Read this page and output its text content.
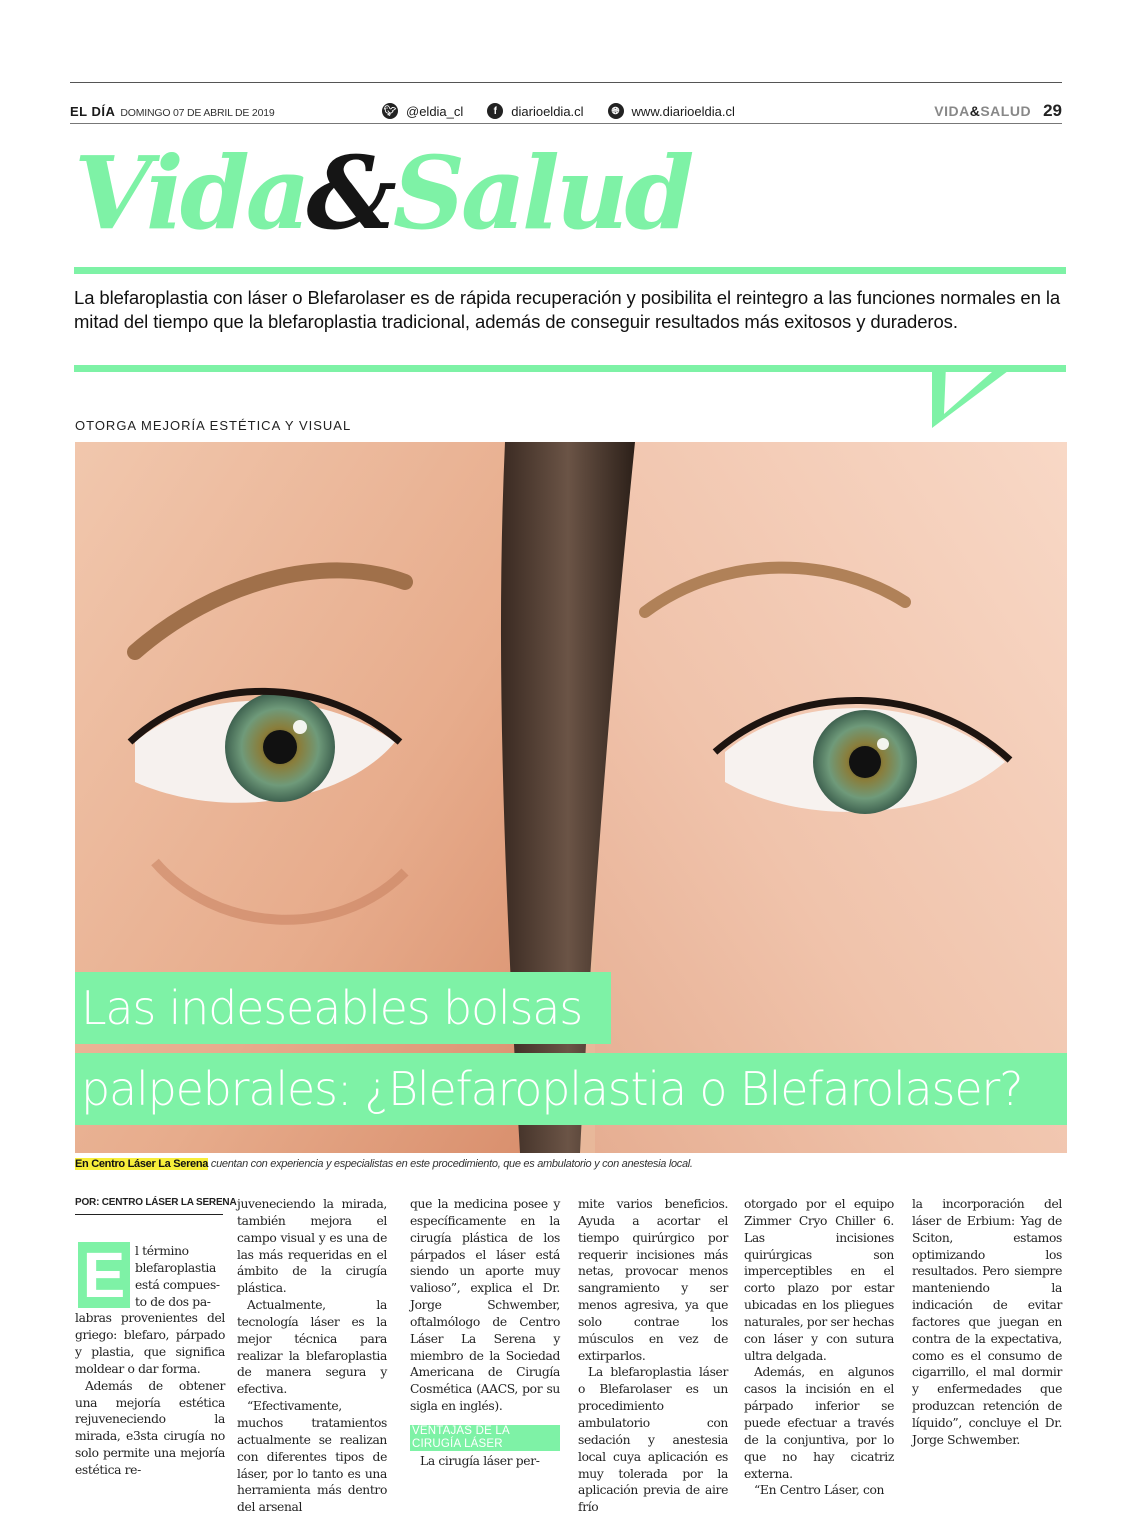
EL DÍA DOMINGO 07 DE ABRIL DE 2019	🐦︎ @eldia_cl	f	diarioeldia.cl	🌐︎ www.diarioeldia.cl	VIDA&SALUD 29
Vida&Salud

La blefaroplastia con láser o Blefarolaser es de rápida recuperación y posibilita el reintegro a las funciones normales en la mitad del tiempo que la blefaroplastia tradicional, además de conseguir resultados más exitosos y duraderos.

OTORGA MEJORÍA ESTÉTICA Y VISUAL
Las indeseables bolsas
palpebrales: ¿Blefaroplastia o Blefarolaser?
En Centro Láser La Serena cuentan con experiencia y especialistas en este procedimiento, que es ambulatorio y con anestesia local.
POR: CENTRO LÁSER LA SERENA
E l término
blefaroplastia
está compues-
to de dos pa-

labras provenientes del griego: blefaro, párpado y plastia, que significa moldear o dar forma.

Además de obtener una mejoría estética rejuveneciendo la mirada, e3sta cirugía no solo permite una mejoría estética re-

juveneciendo la mirada, también mejora el campo visual y es una de las más requeridas en el ámbito de la cirugía plástica.

Actualmente, la tecnología láser es la mejor técnica para realizar la blefaroplastia de manera segura y efectiva.

“Efectivamente, muchos tratamientos actualmente se realizan con diferentes tipos de láser, por lo tanto es una herramienta más dentro del arsenal

que la medicina posee y específicamente en la cirugía plástica de los párpados el láser está siendo un aporte muy valioso”, explica el Dr. Jorge Schwember, oftalmólogo de Centro Láser La Serena y miembro de la Sociedad Americana de Cirugía Cosmética (AACS, por su sigla en inglés).

VENTAJAS DE LA CIRUGÍA LÁSER

La cirugía láser per-

mite varios beneficios. Ayuda a acortar el tiempo quirúrgico por requerir incisiones más netas, provocar menos sangramiento y ser menos agresiva, ya que solo contrae los músculos en vez de extirparlos.

La blefaroplastia láser o Blefarolaser es un procedimiento ambulatorio con sedación y anestesia local cuya aplicación es muy tolerada por la aplicación previa de aire frío

otorgado por el equipo Zimmer Cryo Chiller 6. Las incisiones quirúrgicas son imperceptibles en el corto plazo por estar ubicadas en los pliegues naturales, por ser hechas con láser y con sutura ultra delgada.

Además, en algunos casos la incisión en el párpado inferior se puede efectuar a través de la conjuntiva, por lo que no hay cicatriz externa.

“En Centro Láser, con

la incorporación del láser de Erbium: Yag de Sciton, estamos optimizando los resultados. Pero siempre manteniendo la indicación de evitar factores que juegan en contra de la expectativa, como es el consumo de cigarrillo, el mal dormir y enfermedades que produzcan retención de líquido”, concluye el Dr. Jorge Schwember.
